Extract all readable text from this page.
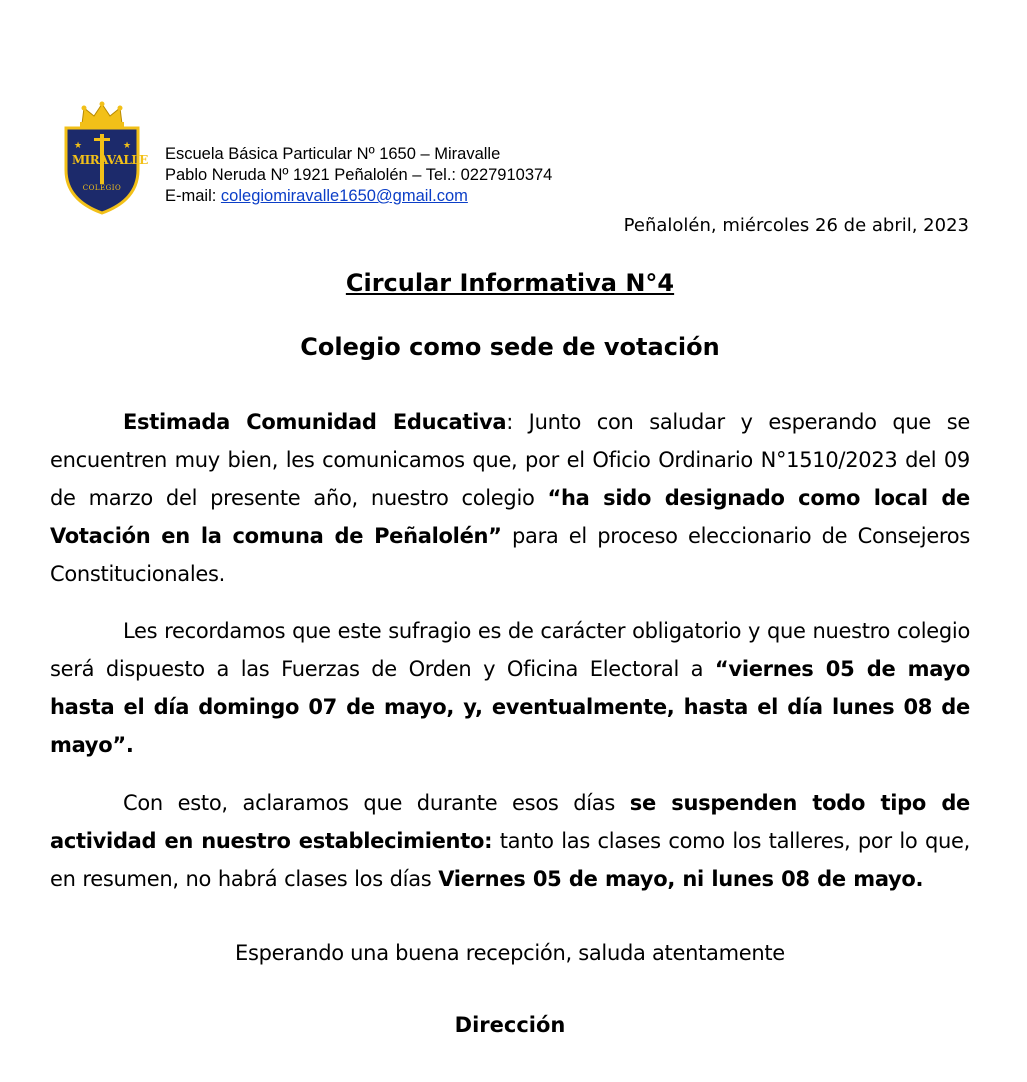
★	★
MIRAVALLE
COLEGIO
Escuela Básica Particular Nº 1650 – Miravalle
Pablo Neruda Nº 1921 Peñalolén – Tel.: 0227910374
E-mail: colegiomiravalle1650@gmail.com
Peñalolén, miércoles 26 de abril, 2023
Circular Informativa N°4
Colegio como sede de votación

Estimada Comunidad Educativa: Junto con saludar y esperando que se encuentren muy bien, les comunicamos que, por el Oficio Ordinario N°1510/2023 del 09 de marzo del presente año, nuestro colegio “ha sido designado como local de Votación en la comuna de Peñalolén” para el proceso eleccionario de Consejeros Constitucionales.

Les recordamos que este sufragio es de carácter obligatorio y que nuestro colegio será dispuesto a las Fuerzas de Orden y Oficina Electoral a “viernes 05 de mayo hasta el día domingo 07 de mayo, y, eventualmente, hasta el día lunes 08 de mayo”.

Con esto, aclaramos que durante esos días se suspenden todo tipo de actividad en nuestro establecimiento: tanto las clases como los talleres, por lo que, en resumen, no habrá clases los días Viernes 05 de mayo, ni lunes 08 de mayo.

Esperando una buena recepción, saluda atentamente
Dirección
